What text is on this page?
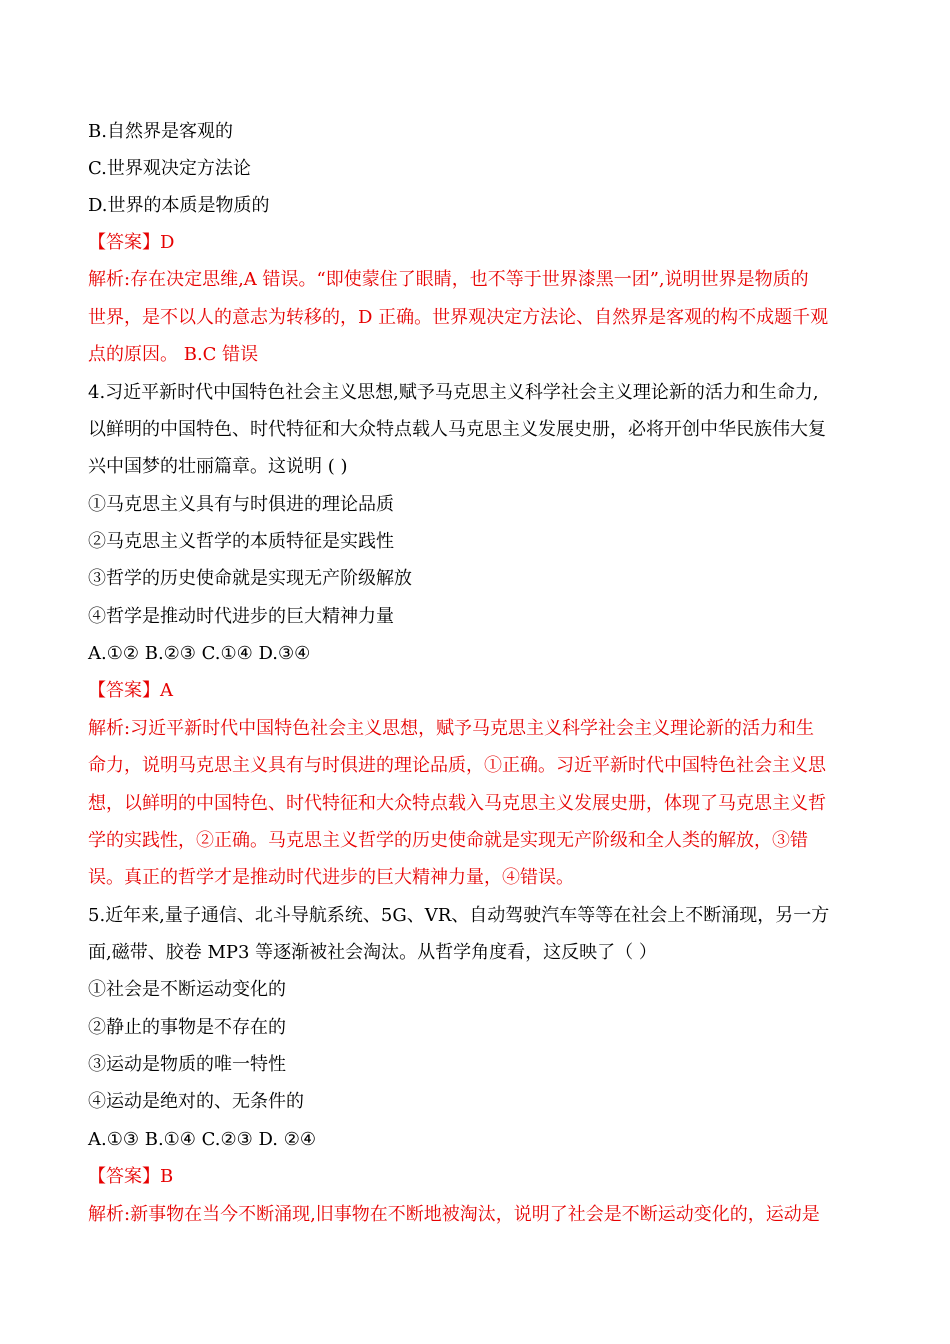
B.自然界是客观的
C.世界观决定方法论
D.世界的本质是物质的
【答案】D
解析:存在决定思维,A 错误。“即使蒙住了眼睛，也不等于世界漆黑一团”,说明世界是物质的
世界，是不以人的意志为转移的，D 正确。世界观决定方法论、自然界是客观的构不成题千观
点的原因。 B.C 错误
4.习近平新时代中国特色社会主义思想,赋予马克思主义科学社会主义理论新的活力和生命力,
以鲜明的中国特色、时代特征和大众特点载人马克思主义发展史册，必将开创中华民族伟大复
兴中国梦的壮丽篇章。这说明 ( )
①马克思主义具有与时俱进的理论品质
②马克思主义哲学的本质特征是实践性
③哲学的历史使命就是实现无产阶级解放
④哲学是推动时代进步的巨大精神力量
A.①② B.②③ C.①④ D.③④
【答案】A
解析:习近平新时代中国特色社会主义思想，赋予马克思主义科学社会主义理论新的活力和生
命力，说明马克思主义具有与时俱进的理论品质，①正确。习近平新时代中国特色社会主义思
想，以鲜明的中国特色、时代特征和大众特点载入马克思主义发展史册，体现了马克思主义哲
学的实践性，②正确。马克思主义哲学的历史使命就是实现无产阶级和全人类的解放，③错
误。真正的哲学才是推动时代进步的巨大精神力量，④错误。
5.近年来,量子通信、北斗导航系统、5G、VR、自动驾驶汽车等等在社会上不断涌现，另一方
面,磁带、胶卷 MP3 等逐渐被社会淘汰。从哲学角度看，这反映了（ ）
①社会是不断运动变化的
②静止的事物是不存在的
③运动是物质的唯一特性
④运动是绝对的、无条件的
A.①③ B.①④ C.②③ D. ②④
【答案】B
解析:新事物在当今不断涌现,旧事物在不断地被淘汰，说明了社会是不断运动变化的，运动是
